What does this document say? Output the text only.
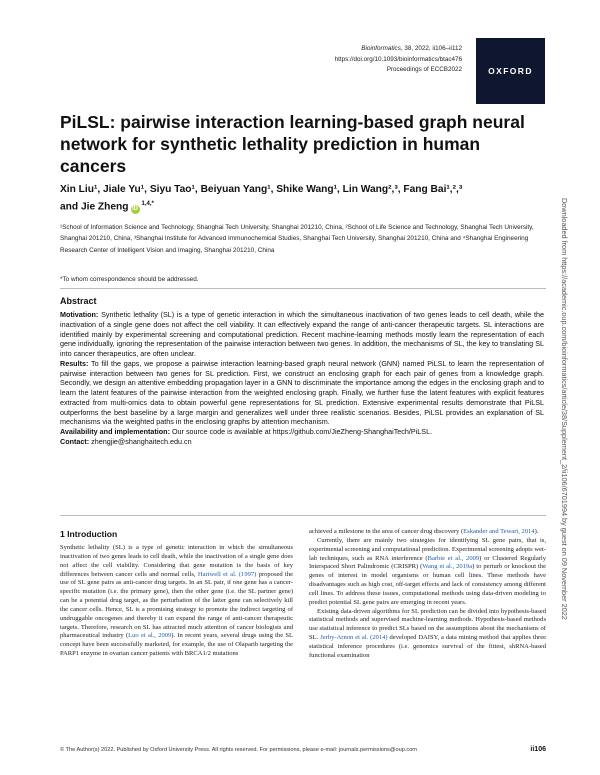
Bioinformatics, 38, 2022, ii106–ii112
https://doi.org/10.1093/bioinformatics/btac476
Proceedings of ECCB2022	OXFORD
Downloaded from https://academic.oup.com/bioinformatics/article/38/Supplement_2/ii106/6701994 by guest on 09 November 2022
PiLSL: pairwise interaction learning-based graph neural network for synthetic lethality prediction in human cancers
Xin Liu¹, Jiale Yu¹, Siyu Tao¹, Beiyuan Yang¹, Shike Wang¹, Lin Wang²,³, Fang Bai¹,²,³
and Jie Zheng $iD^{1,4,*}$
¹School of Information Science and Technology, Shanghai Tech University, Shanghai 201210, China, ²School of Life Science and Technology, Shanghai Tech University, Shanghai 201210, China, ³Shanghai Institute for Advanced Immunochemical Studies, Shanghai Tech University, Shanghai 201210, China and ⁴Shanghai Engineering Research Center of Intelligent Vision and Imaging, Shanghai 201210, China
*To whom correspondence should be addressed.
Abstract

Motivation: Synthetic lethality (SL) is a type of genetic interaction in which the simultaneous inactivation of two genes leads to cell death, while the inactivation of a single gene does not affect the cell viability. It can effectively expand the range of anti-cancer therapeutic targets. SL interactions are identified mainly by experimental screening and computational prediction. Recent machine-learning methods mostly learn the representation of each gene individually, ignoring the representation of the pairwise interaction between two genes. In addition, the mechanisms of SL, the key to translating SL into cancer therapeutics, are often unclear.

Results: To fill the gaps, we propose a pairwise interaction learning-based graph neural network (GNN) named PiLSL to learn the representation of pairwise interaction between two genes for SL prediction. First, we construct an enclosing graph for each pair of genes from a knowledge graph. Secondly, we design an attentive embedding propagation layer in a GNN to discriminate the importance among the edges in the enclosing graph and to learn the latent features of the pairwise interaction from the weighted enclosing graph. Finally, we further fuse the latent features with explicit features extracted from multi-omics data to obtain powerful gene representations for SL prediction. Extensive experimental results demonstrate that PiLSL outperforms the best baseline by a large margin and generalizes well under three realistic scenarios. Besides, PiLSL provides an explanation of SL mechanisms via the weighted paths in the enclosing graphs by attention mechanism.

Availability and implementation: Our source code is available at https://github.com/JieZheng-ShanghaiTech/PiLSL.

Contact: zhengjie@shanghaitech.edu.cn

1 Introduction

Synthetic lethality (SL) is a type of genetic interaction in which the simultaneous inactivation of two genes leads to cell death, while the inactivation of a single gene does not affect the cell viability. Considering that gene mutation is the basis of key differences between cancer cells and normal cells, Hartwell et al. (1997) proposed the use of SL gene pairs as anti-cancer drug targets. In an SL pair, if one gene has a cancer-specific mutation (i.e. the primary gene), then the other gene (i.e. the SL partner gene) can be a potential drug target, as the perturbation of the latter gene can selectively kill the cancer cells. Hence, SL is a promising strategy to promote the indirect targeting of undruggable oncogenes and thereby it can expand the range of anti-cancer therapeutic targets. Therefore, research on SL has attracted much attention of cancer biologists and pharmaceutical industry (Luo et al., 2009). In recent years, several drugs using the SL concept have been successfully marketed, for example, the use of Olaparib targeting the PARP1 enzyme in ovarian cancer patients with BRCA1/2 mutations

achieved a milestone in the area of cancer drug discovery (Eskander and Tewari, 2014).

Currently, there are mainly two strategies for identifying SL gene pairs, that is, experimental screening and computational prediction. Experimental screening adopts wet-lab techniques, such as RNA interference (Barbie et al., 2009) or Clustered Regularly Interspaced Short Palindromic (CRISPR) (Wang et al., 2019a) to perturb or knockout the genes of interest in model organisms or human cell lines. These methods have disadvantages such as high cost, off-target effects and lack of consistency among different cell lines. To address these issues, computational methods using data-driven modeling to predict potential SL gene pairs are emerging in recent years.

Existing data-driven algorithms for SL prediction can be divided into hypothesis-based statistical methods and supervised machine-learning methods. Hypothesis-based methods use statistical inference to predict SLs based on the assumptions about the mechanisms of SL. Jerby-Arnon et al. (2014) developed DAISY, a data mining method that applies three statistical inference procedures (i.e. genomics survival of the fittest, shRNA-based functional examination

© The Author(s) 2022. Published by Oxford University Press. All rights reserved. For permissions, please e-mail: journals.permissions@oup.com	ii106
